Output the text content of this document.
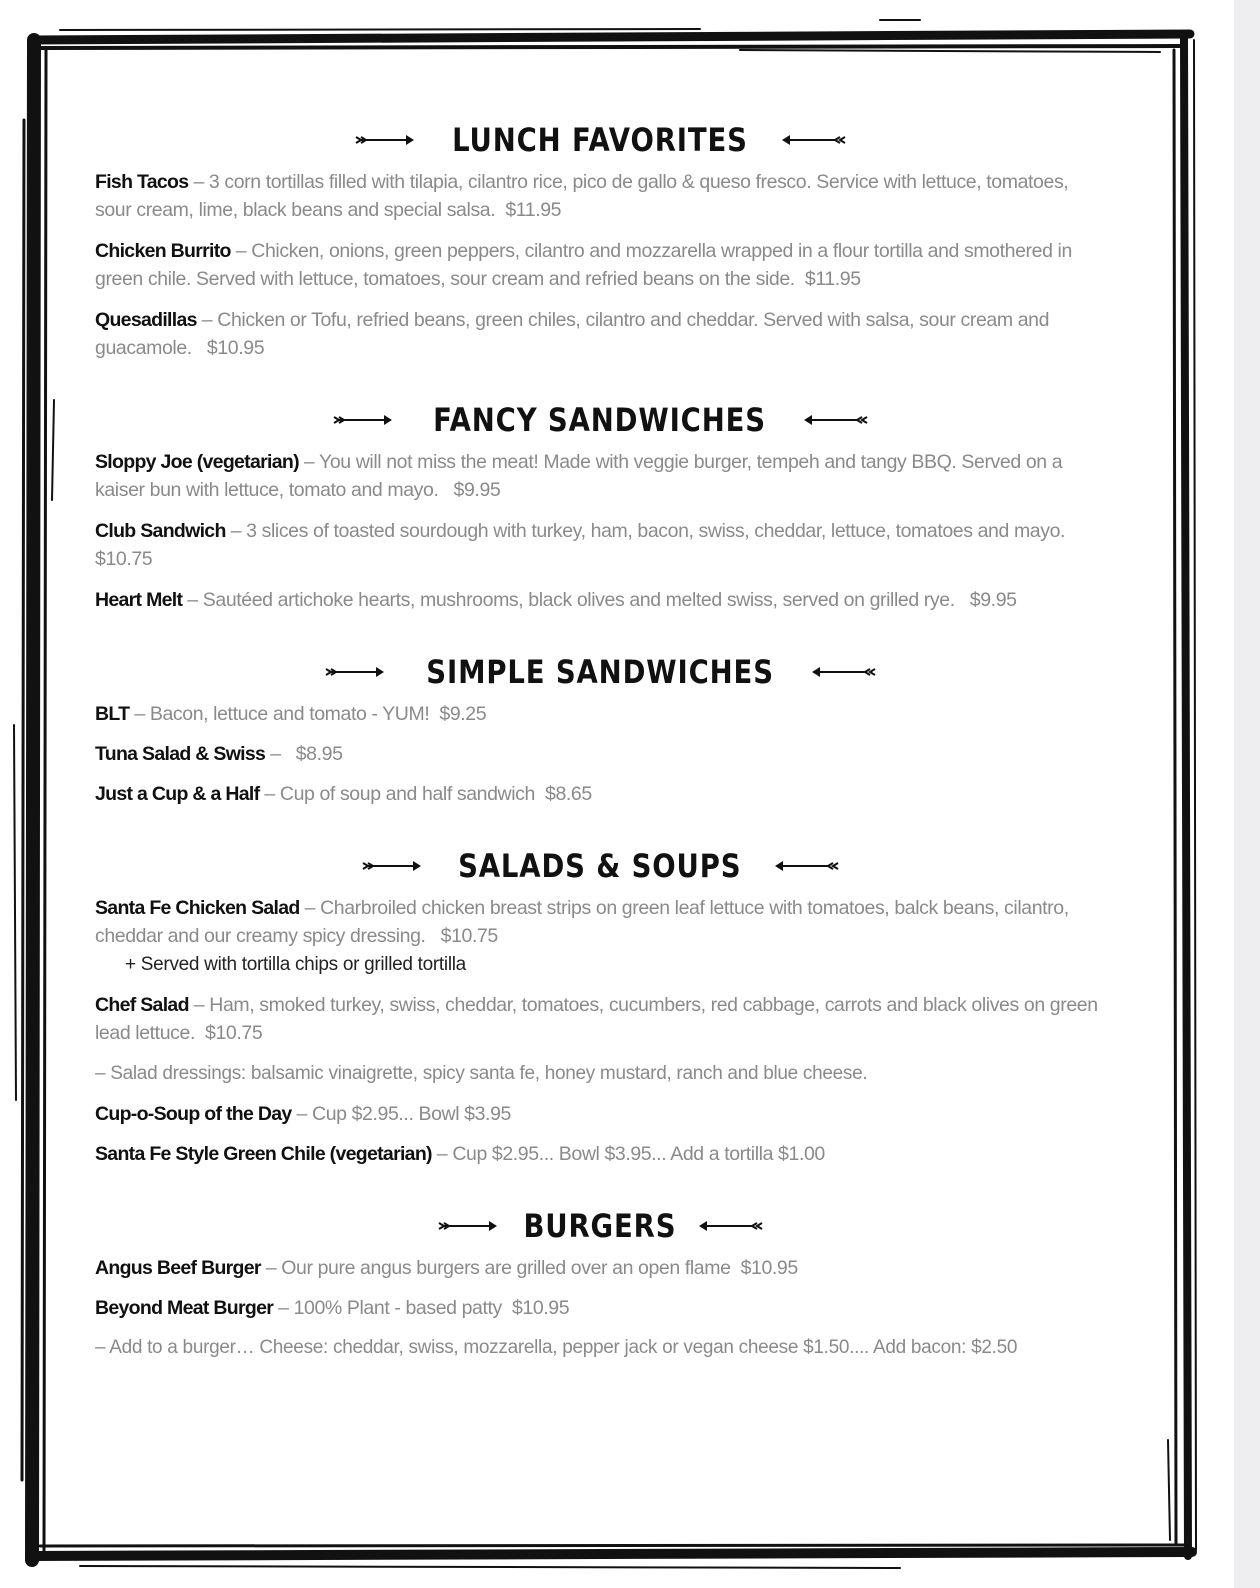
LUNCH FAVORITES
Fish Tacos – 3 corn tortillas filled with tilapia, cilantro rice, pico de gallo & queso fresco. Service with lettuce, tomatoes, sour cream, lime, black beans and special salsa. $11.95
Chicken Burrito – Chicken, onions, green peppers, cilantro and mozzarella wrapped in a flour tortilla and smothered in green chile. Served with lettuce, tomatoes, sour cream and refried beans on the side. $11.95
Quesadillas – Chicken or Tofu, refried beans, green chiles, cilantro and cheddar. Served with salsa, sour cream and guacamole. $10.95
FANCY SANDWICHES
Sloppy Joe (vegetarian) – You will not miss the meat! Made with veggie burger, tempeh and tangy BBQ. Served on a kaiser bun with lettuce, tomato and mayo. $9.95
Club Sandwich – 3 slices of toasted sourdough with turkey, ham, bacon, swiss, cheddar, lettuce, tomatoes and mayo. $10.75
Heart Melt – Sautéed artichoke hearts, mushrooms, black olives and melted swiss, served on grilled rye. $9.95
SIMPLE SANDWICHES
BLT – Bacon, lettuce and tomato - YUM! $9.25
Tuna Salad & Swiss –   $8.95
Just a Cup & a Half – Cup of soup and half sandwich $8.65
SALADS & SOUPS
Santa Fe Chicken Salad – Charbroiled chicken breast strips on green leaf lettuce with tomatoes, balck beans, cilantro, cheddar and our creamy spicy dressing. $10.75
+ Served with tortilla chips or grilled tortilla
Chef Salad – Ham, smoked turkey, swiss, cheddar, tomatoes, cucumbers, red cabbage, carrots and black olives on green lead lettuce. $10.75
– Salad dressings: balsamic vinaigrette, spicy santa fe, honey mustard, ranch and blue cheese.
Cup-o-Soup of the Day – Cup $2.95... Bowl $3.95
Santa Fe Style Green Chile (vegetarian) – Cup $2.95... Bowl $3.95... Add a tortilla $1.00
BURGERS
Angus Beef Burger – Our pure angus burgers are grilled over an open flame $10.95
Beyond Meat Burger – 100% Plant - based patty $10.95
– Add to a burger… Cheese: cheddar, swiss, mozzarella, pepper jack or vegan cheese $1.50.... Add bacon: $2.50
